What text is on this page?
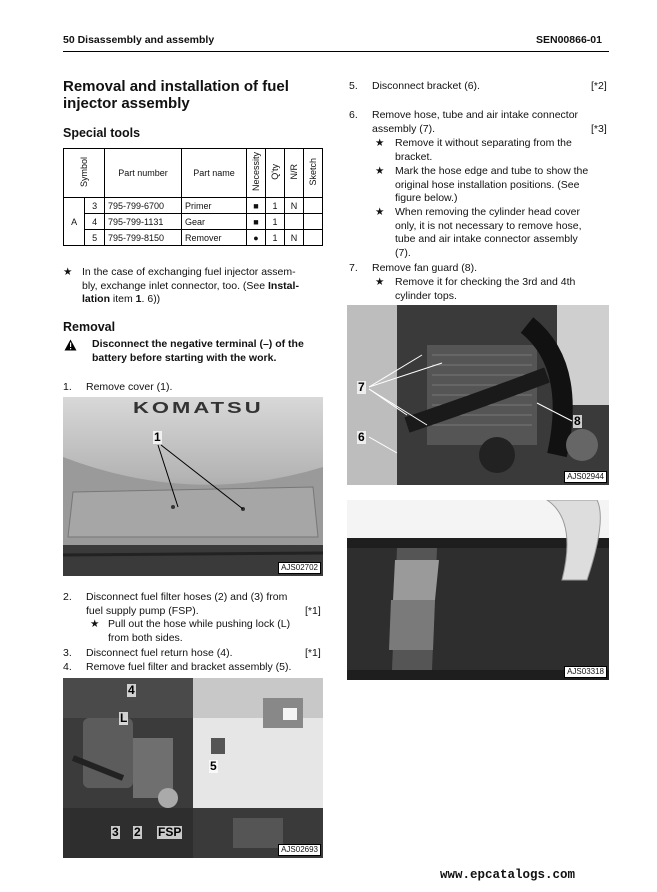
50 Disassembly and assembly	SEN00866-01
Removal and installation of fuel injector assembly
Special tools
Symbol		Part number	Part name	Necessity	Q'ty	N/R	Sketch
A	3	795-799-6700	Primer	■	1	N	
	4	795-799-1131	Gear	■	1		
	5	795-799-8150	Remover	●	1	N	
★ In the case of exchanging fuel injector assem-
bly, exchange inlet connector, too. (See Instal-
lation item 1. 6))
Removal
Disconnect the negative terminal (–) of the
battery before starting with the work.
1. Remove cover (1).
KOMATSU
1
AJS02702
2. Disconnect fuel filter hoses (2) and (3) from
fuel supply pump (FSP).	[*1]
★ Pull out the hose while pushing lock (L)
from both sides.
3. Disconnect fuel return hose (4).	[*1]
4. Remove fuel filter and bracket assembly (5).
4
L
3 2 FSP
5
AJS02693
5. Disconnect bracket (6).	[*2]
6. Remove hose, tube and air intake connector
assembly (7).	[*3]
★ Remove it without separating from the
bracket.
★ Mark the hose edge and tube to show the
original hose installation positions. (See
figure below.)
★ When removing the cylinder head cover
only, it is not necessary to remove hose,
tube and air intake connector assembly
(7).
7. Remove fan guard (8).
★ Remove it for checking the 3rd and 4th
cylinder tops.
7
6
8
AJS02944
AJS03318
www.epcatalogs.com
